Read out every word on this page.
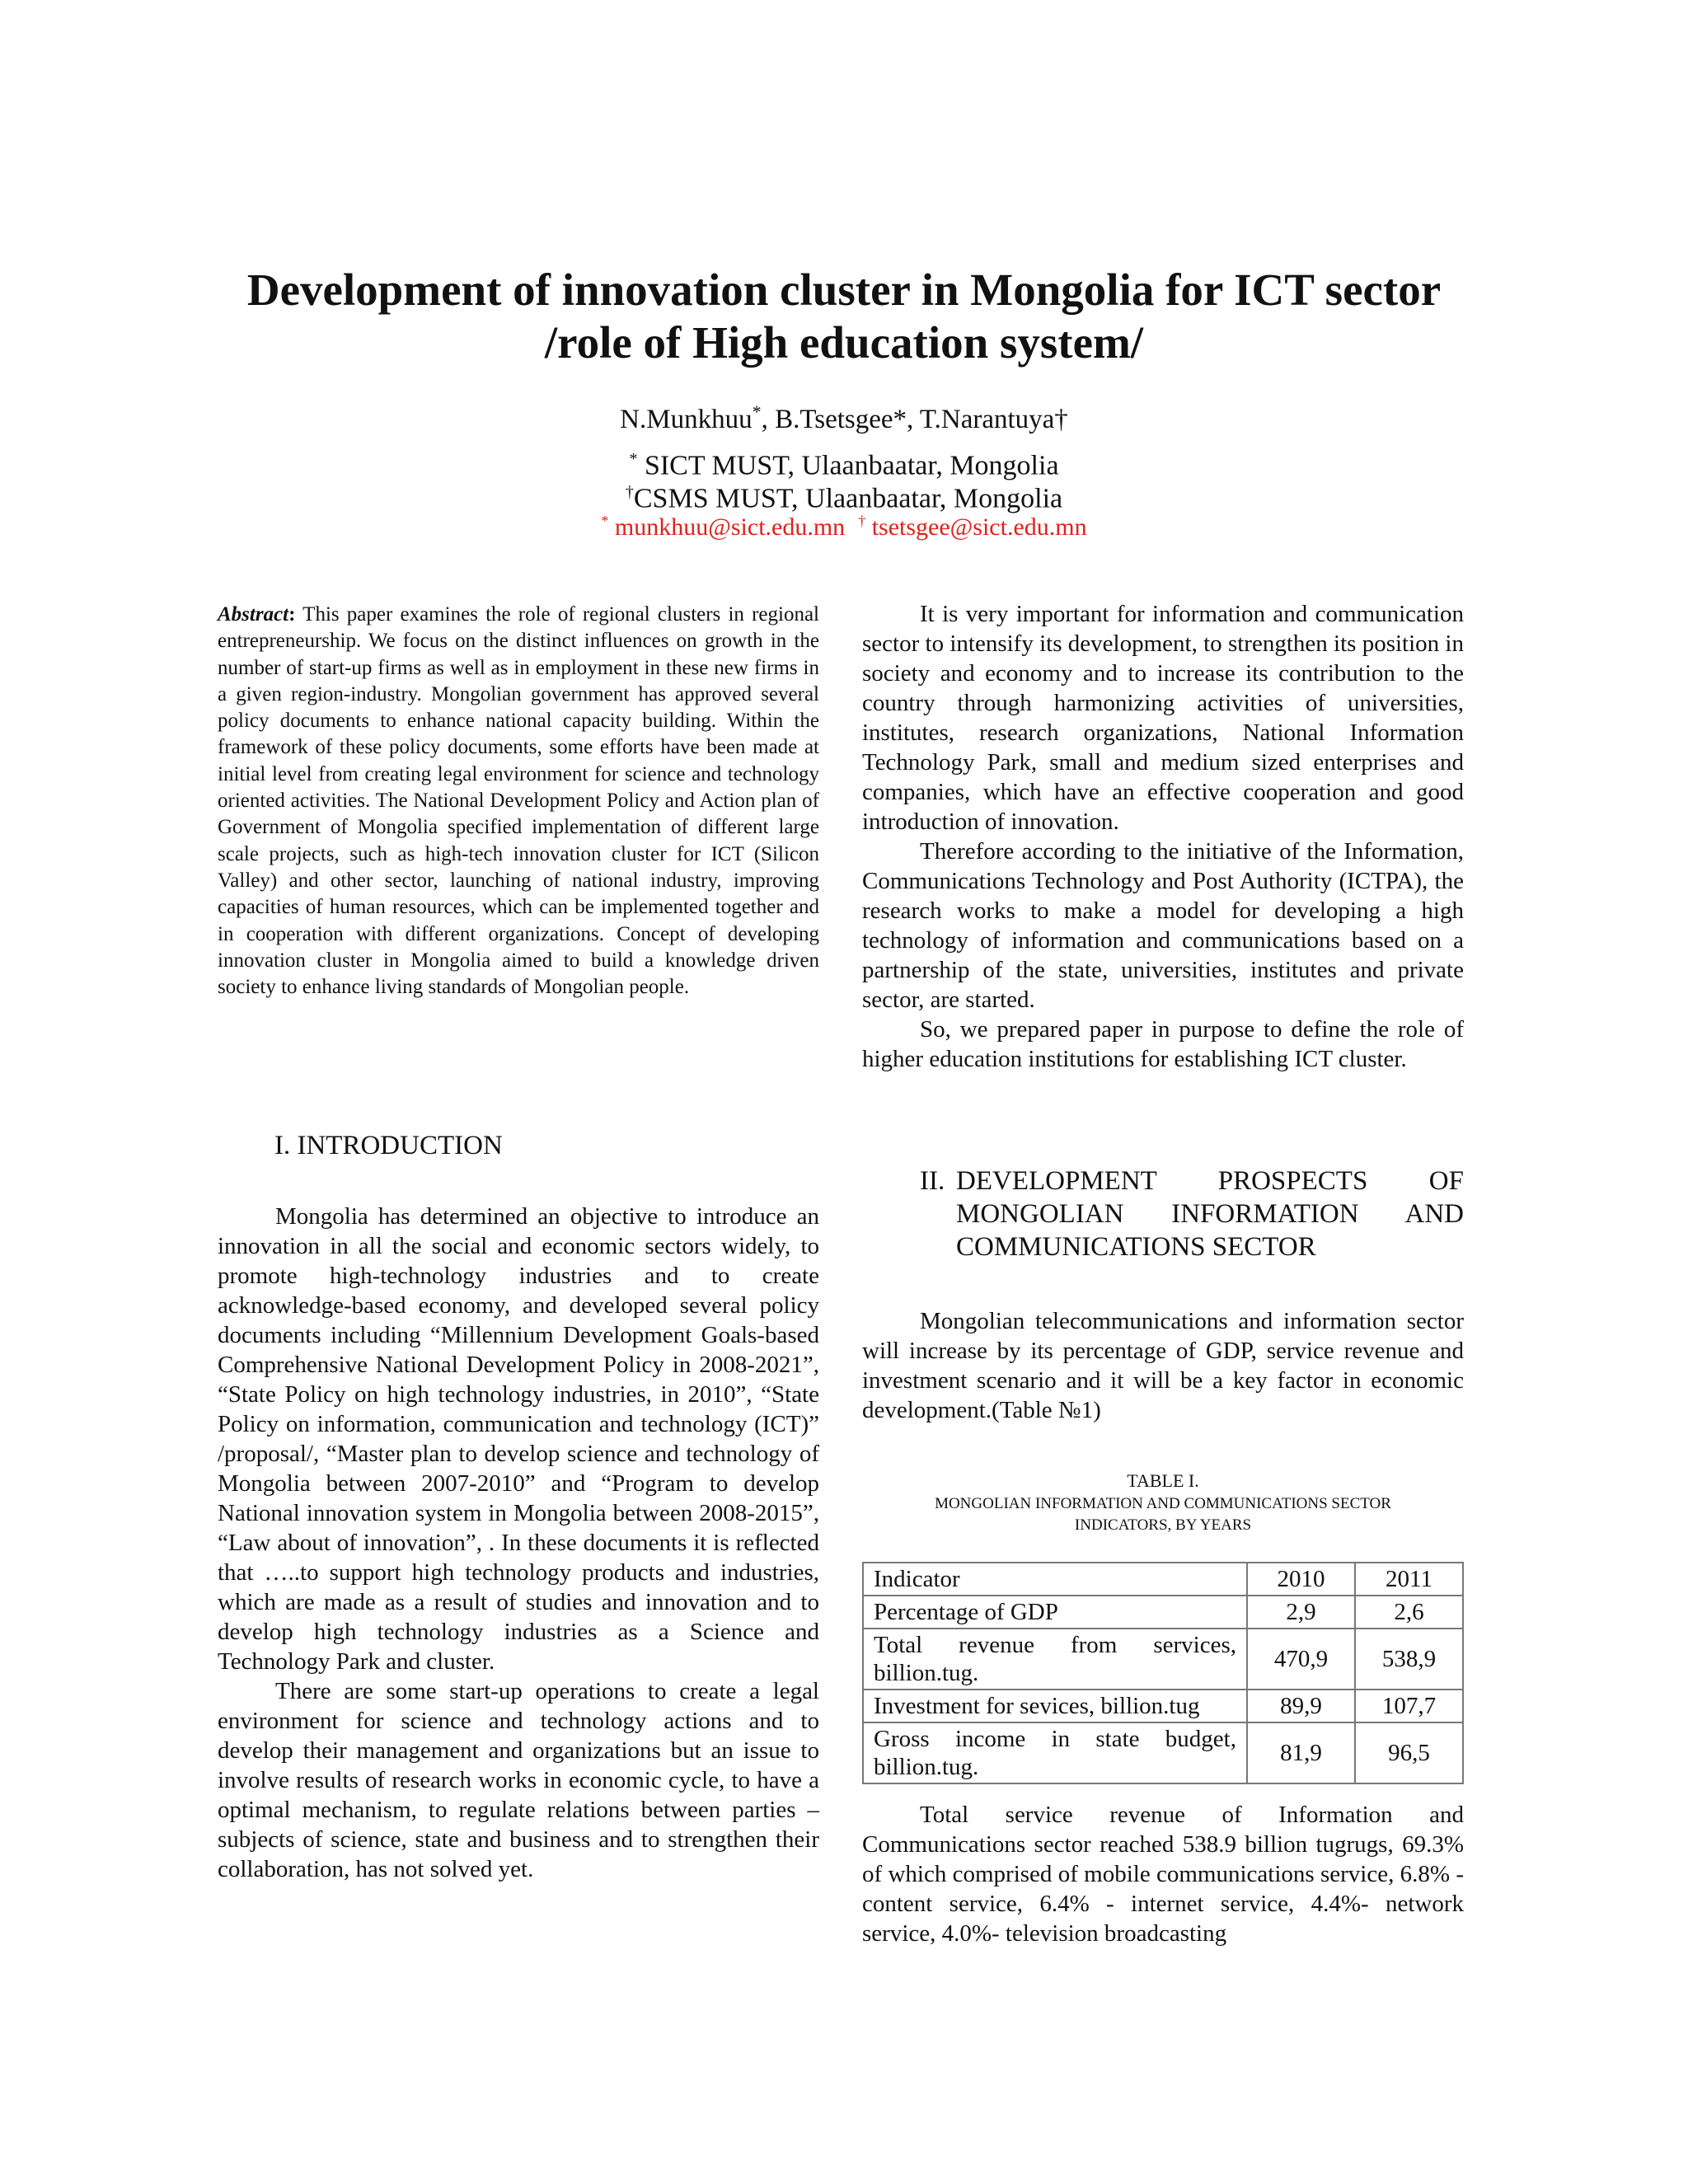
Development of innovation cluster in Mongolia for ICT sector
/role of High education system/
N.Munkhuu*, B.Tsetsgee*, T.Narantuya†
* SICT MUST, Ulaanbaatar, Mongolia
†CSMS MUST, Ulaanbaatar, Mongolia
* munkhuu@sict.edu.mn † tsetsgee@sict.edu.mn
Abstract: This paper examines the role of regional clusters in regional entrepreneurship. We focus on the distinct influences on growth in the number of start-up firms as well as in employment in these new firms in a given region-industry. Mongolian government has approved several policy documents to enhance national capacity building. Within the framework of these policy documents, some efforts have been made at initial level from creating legal environment for science and technology oriented activities. The National Development Policy and Action plan of Government of Mongolia specified implementation of different large scale projects, such as high-tech innovation cluster for ICT (Silicon Valley) and other sector, launching of national industry, improving capacities of human resources, which can be implemented together and in cooperation with different organizations. Concept of developing innovation cluster in Mongolia aimed to build a knowledge driven society to enhance living standards of Mongolian people.
I. INTRODUCTION
Mongolia has determined an objective to introduce an innovation in all the social and economic sectors widely, to promote high-technology industries and to create acknowledge-based economy, and developed several policy documents including “Millennium Development Goals-based Comprehensive National Development Policy in 2008-2021”, “State Policy on high technology industries, in 2010”, “State Policy on information, communication and technology (ICT)” /proposal/, “Master plan to develop science and technology of Mongolia between 2007-2010” and “Program to develop National innovation system in Mongolia between 2008-2015”, “Law about of innovation”, . In these documents it is reflected that …..to support high technology products and industries, which are made as a result of studies and innovation and to develop high technology industries as a Science and Technology Park and cluster.
There are some start-up operations to create a legal environment for science and technology actions and to develop their management and organizations but an issue to involve results of research works in economic cycle, to have a optimal mechanism, to regulate relations between parties – subjects of science, state and business and to strengthen their collaboration, has not solved yet.
It is very important for information and communication sector to intensify its development, to strengthen its position in society and economy and to increase its contribution to the country through harmonizing activities of universities, institutes, research organizations, National Information Technology Park, small and medium sized enterprises and companies, which have an effective cooperation and good introduction of innovation.
Therefore according to the initiative of the Information, Communications Technology and Post Authority (ICTPA), the research works to make a model for developing a high technology of information and communications based on a partnership of the state, universities, institutes and private sector, are started.
So, we prepared paper in purpose to define the role of higher education institutions for establishing ICT cluster.
II. DEVELOPMENT PROSPECTS OF
MONGOLIAN INFORMATION AND
COMMUNICATIONS SECTOR
Mongolian telecommunications and information sector will increase by its percentage of GDP, service revenue and investment scenario and it will be a key factor in economic development.(Table №1)
TABLE I.
MONGOLIAN INFORMATION AND COMMUNICATIONS SECTOR
INDICATORS, BY YEARS
Indicator	2010	2011
Percentage of GDP	2,9	2,6
Total revenue from services, billion.tug.	470,9	538,9
Investment for sevices, billion.tug	89,9	107,7
Gross income in state budget, billion.tug.	81,9	96,5
Total service revenue of Information and Communications sector reached 538.9 billion tugrugs, 69.3% of which comprised of mobile communications service, 6.8% - content service, 6.4% - internet service, 4.4%- network service, 4.0%- television broadcasting
